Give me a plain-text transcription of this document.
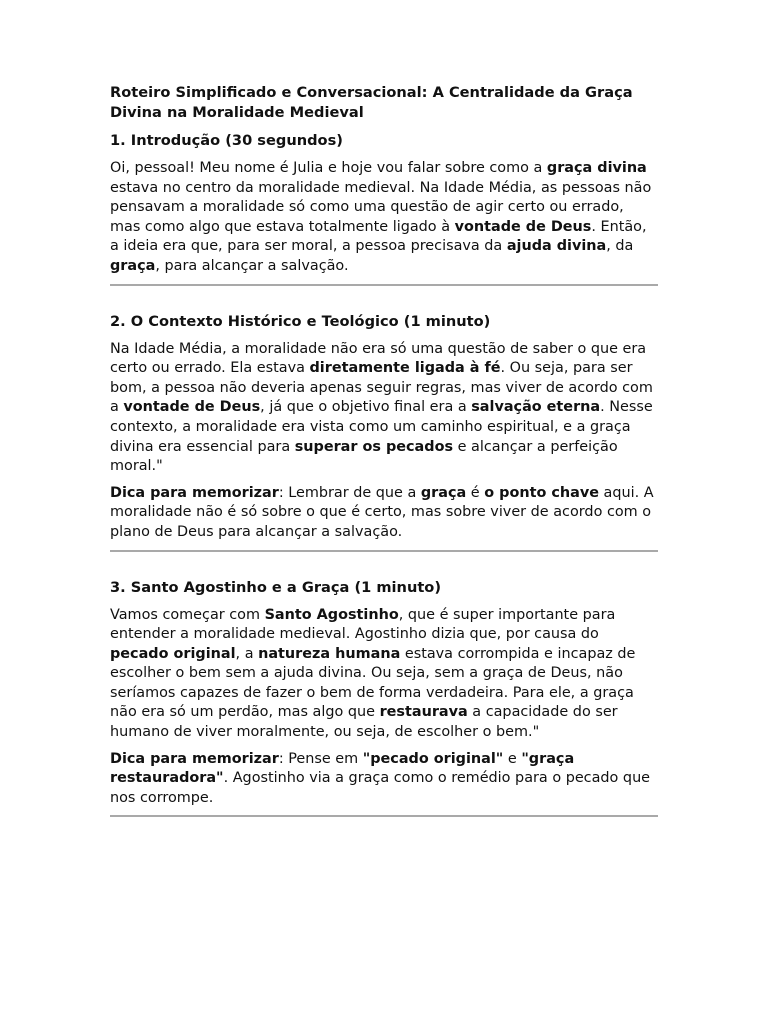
Roteiro Simplificado e Conversacional: A Centralidade da Graça Divina na Moralidade Medieval
1. Introdução (30 segundos)

Oi, pessoal! Meu nome é Julia e hoje vou falar sobre como a graça divina estava no centro da moralidade medieval. Na Idade Média, as pessoas não pensavam a moralidade só como uma questão de agir certo ou errado, mas como algo que estava totalmente ligado à vontade de Deus. Então, a ideia era que, para ser moral, a pessoa precisava da ajuda divina, da graça, para alcançar a salvação.

2. O Contexto Histórico e Teológico (1 minuto)

Na Idade Média, a moralidade não era só uma questão de saber o que era certo ou errado. Ela estava diretamente ligada à fé. Ou seja, para ser bom, a pessoa não deveria apenas seguir regras, mas viver de acordo com a vontade de Deus, já que o objetivo final era a salvação eterna. Nesse contexto, a moralidade era vista como um caminho espiritual, e a graça divina era essencial para superar os pecados e alcançar a perfeição moral."

Dica para memorizar: Lembrar de que a graça é o ponto chave aqui. A moralidade não é só sobre o que é certo, mas sobre viver de acordo com o plano de Deus para alcançar a salvação.

3. Santo Agostinho e a Graça (1 minuto)

Vamos começar com Santo Agostinho, que é super importante para entender a moralidade medieval. Agostinho dizia que, por causa do pecado original, a natureza humana estava corrompida e incapaz de escolher o bem sem a ajuda divina. Ou seja, sem a graça de Deus, não seríamos capazes de fazer o bem de forma verdadeira. Para ele, a graça não era só um perdão, mas algo que restaurava a capacidade do ser humano de viver moralmente, ou seja, de escolher o bem."

Dica para memorizar: Pense em "pecado original" e "graça restauradora". Agostinho via a graça como o remédio para o pecado que nos corrompe.
